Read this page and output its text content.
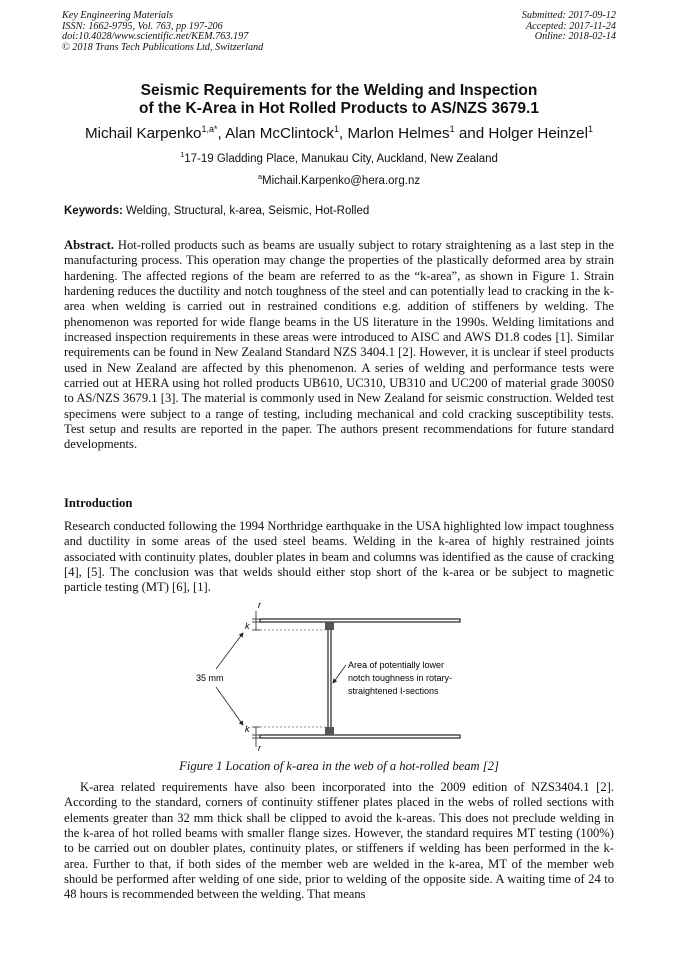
Key Engineering Materials
ISSN: 1662-9795, Vol. 763, pp 197-206
doi:10.4028/www.scientific.net/KEM.763.197
© 2018 Trans Tech Publications Ltd, Switzerland
Submitted: 2017-09-12
Accepted: 2017-11-24
Online: 2018-02-14
Seismic Requirements for the Welding and Inspection
of the K-Area in Hot Rolled Products to AS/NZS 3679.1
Michail Karpenko$^{1,a*}$, Alan McClintock$^1$, Marlon Helmes$^1$ and Holger Heinzel$^1$
$^1$17-19 Gladding Place, Manukau City, Auckland, New Zealand
$^a$Michail.Karpenko@hera.org.nz
Keywords: Welding, Structural, k-area, Seismic, Hot-Rolled

Abstract. Hot-rolled products such as beams are usually subject to rotary straightening as a last step in the manufacturing process. This operation may change the properties of the plastically deformed area by strain hardening. The affected regions of the beam are referred to as the “k-area”, as shown in Figure 1. Strain hardening reduces the ductility and notch toughness of the steel and can potentially lead to cracking in the k-area when welding is carried out in restrained conditions e.g. addition of stiffeners by welding. The phenomenon was reported for wide flange beams in the US literature in the 1990s. Welding limitations and increased inspection requirements in these areas were introduced to AISC and AWS D1.8 codes [1]. Similar requirements can be found in New Zealand Standard NZS 3404.1 [2]. However, it is unclear if steel products used in New Zealand are affected by this phenomenon. A series of welding and performance tests were carried out at HERA using hot rolled products UB610, UC310, UB310 and UC200 of material grade 300S0 to AS/NZS 3679.1 [3]. The material is commonly used in New Zealand for seismic construction. Welded test specimens were subject to a range of testing, including mechanical and cold cracking susceptibility tests. Test setup and results are reported in the paper. The authors present recommendations for future standard developments.

Introduction

Research conducted following the 1994 Northridge earthquake in the USA highlighted low impact toughness and ductility in some areas of the used steel beams. Welding in the k-area of highly restrained joints associated with continuity plates, doubler plates in beam and columns was identified as the cause of cracking [4], [5]. The conclusion was that welds should either stop short of the k-area or be subject to magnetic particle testing (MT) [6], [1].

r
k
35 mm
k
r
Area of potentially lower
notch toughness in rotary-
straightened I-sections
Figure 1 Location of k-area in the web of a hot-rolled beam [2]

K-area related requirements have also been incorporated into the 2009 edition of NZS3404.1 [2]. According to the standard, corners of continuity stiffener plates placed in the webs of rolled sections with elements greater than 32 mm thick shall be clipped to avoid the k-areas. This does not preclude welding in the k-area of hot rolled beams with smaller flange sizes. However, the standard requires MT testing (100%) to be carried out on doubler plates, continuity plates, or stiffeners if welding has been performed in the k-area. Further to that, if both sides of the member web are welded in the k-area, MT of the member web should be performed after welding of one side, prior to welding of the opposite side. A waiting time of 24 to 48 hours is recommended between the welding. That means
